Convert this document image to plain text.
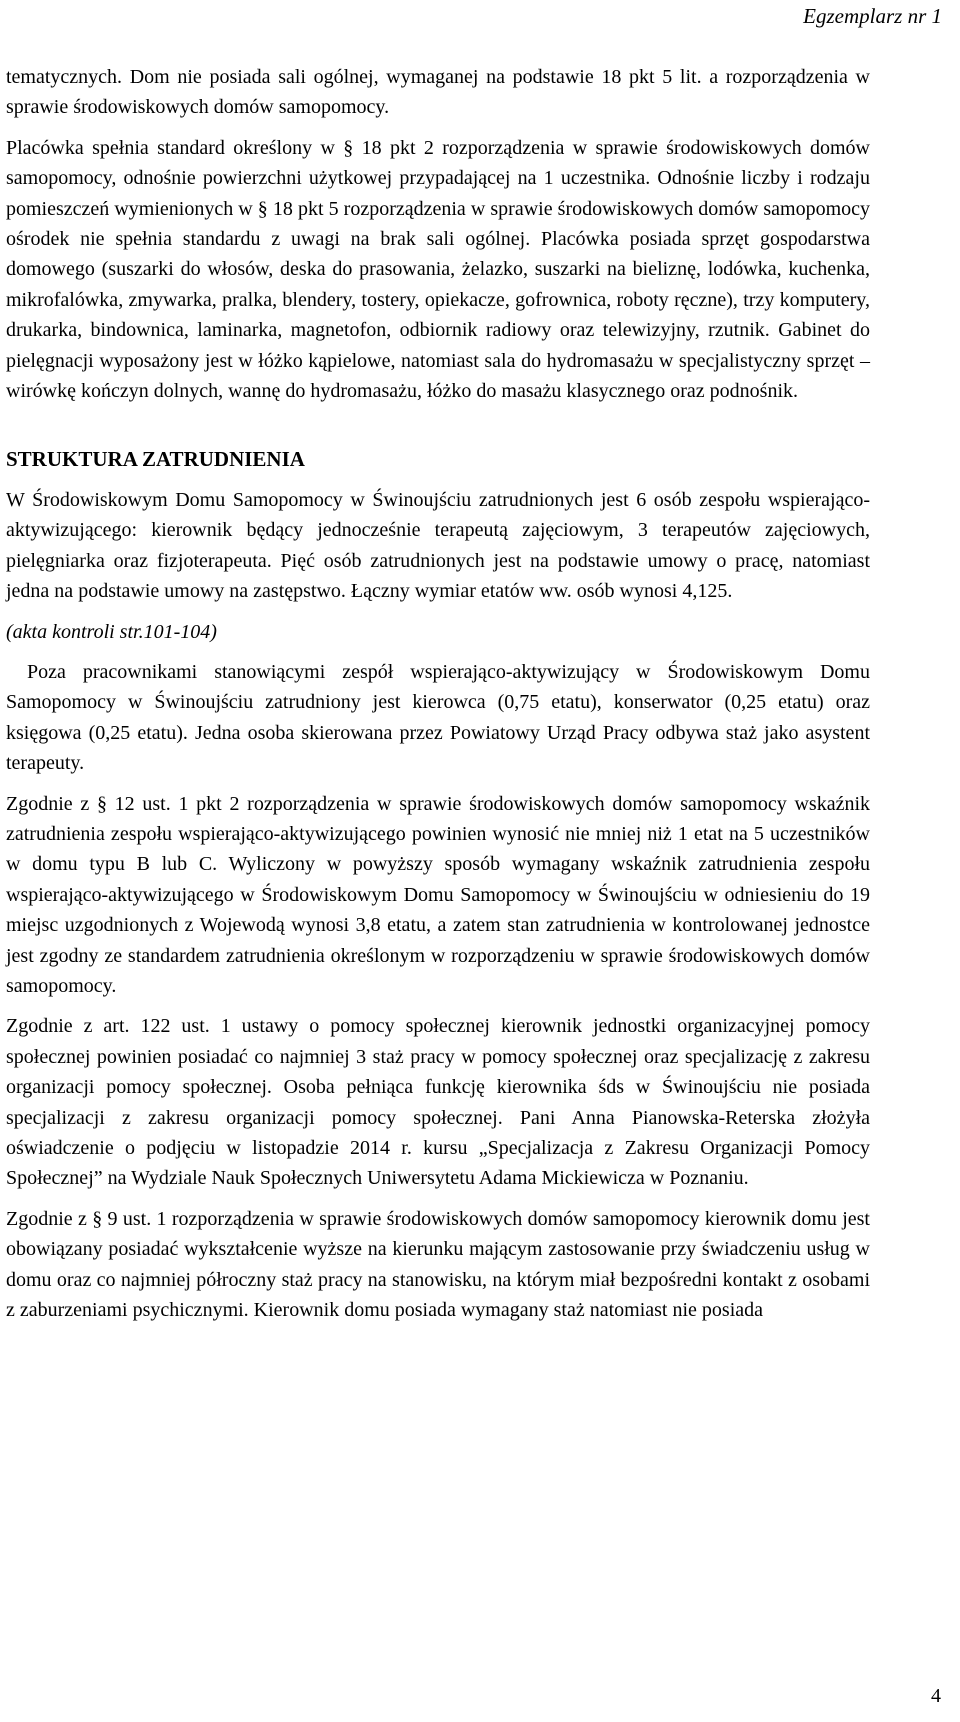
Egzemplarz nr 1

tematycznych. Dom nie posiada sali ogólnej, wymaganej na podstawie 18 pkt 5 lit. a rozporządzenia w sprawie środowiskowych domów samopomocy.

Placówka spełnia standard określony w § 18 pkt 2 rozporządzenia w sprawie środowiskowych domów samopomocy, odnośnie powierzchni użytkowej przypadającej na 1 uczestnika. Odnośnie liczby i rodzaju pomieszczeń wymienionych w § 18 pkt 5 rozporządzenia w sprawie środowiskowych domów samopomocy ośrodek nie spełnia standardu z uwagi na brak sali ogólnej. Placówka posiada sprzęt gospodarstwa domowego (suszarki do włosów, deska do prasowania, żelazko, suszarki na bieliznę, lodówka, kuchenka, mikrofalówka, zmywarka, pralka, blendery, tostery, opiekacze, gofrownica, roboty ręczne), trzy komputery, drukarka, bindownica, laminarka, magnetofon, odbiornik radiowy oraz telewizyjny, rzutnik. Gabinet do pielęgnacji wyposażony jest w łóżko kąpielowe, natomiast sala do hydromasażu w specjalistyczny sprzęt – wirówkę kończyn dolnych, wannę do hydromasażu, łóżko do masażu klasycznego oraz podnośnik.

STRUKTURA ZATRUDNIENIA

W Środowiskowym Domu Samopomocy w Świnoujściu zatrudnionych jest 6 osób zespołu wspierająco-aktywizującego: kierownik będący jednocześnie terapeutą zajęciowym, 3 terapeutów zajęciowych, pielęgniarka oraz fizjoterapeuta. Pięć osób zatrudnionych jest na podstawie umowy o pracę, natomiast jedna na podstawie umowy na zastępstwo. Łączny wymiar etatów ww. osób wynosi 4,125.

(akta kontroli str.101-104)

Poza pracownikami stanowiącymi zespół wspierająco-aktywizujący w Środowiskowym Domu Samopomocy w Świnoujściu zatrudniony jest kierowca (0,75 etatu), konserwator (0,25 etatu) oraz księgowa (0,25 etatu). Jedna osoba skierowana przez Powiatowy Urząd Pracy odbywa staż jako asystent terapeuty.

Zgodnie z § 12 ust. 1 pkt 2 rozporządzenia w sprawie środowiskowych domów samopomocy wskaźnik zatrudnienia zespołu wspierająco-aktywizującego powinien wynosić nie mniej niż 1 etat na 5 uczestników w domu typu B lub C. Wyliczony w powyższy sposób wymagany wskaźnik zatrudnienia zespołu wspierająco-aktywizującego w Środowiskowym Domu Samopomocy w Świnoujściu w odniesieniu do 19 miejsc uzgodnionych z Wojewodą wynosi 3,8 etatu, a zatem stan zatrudnienia w kontrolowanej jednostce jest zgodny ze standardem zatrudnienia określonym w rozporządzeniu w sprawie środowiskowych domów samopomocy.

Zgodnie z art. 122 ust. 1 ustawy o pomocy społecznej kierownik jednostki organizacyjnej pomocy społecznej powinien posiadać co najmniej 3 staż pracy w pomocy społecznej oraz specjalizację z zakresu organizacji pomocy społecznej. Osoba pełniąca funkcję kierownika śds w Świnoujściu nie posiada specjalizacji z zakresu organizacji pomocy społecznej. Pani Anna Pianowska-Reterska złożyła oświadczenie o podjęciu w listopadzie 2014 r. kursu „Specjalizacja z Zakresu Organizacji Pomocy Społecznej” na Wydziale Nauk Społecznych Uniwersytetu Adama Mickiewicza w Poznaniu.

Zgodnie z § 9 ust. 1 rozporządzenia w sprawie środowiskowych domów samopomocy kierownik domu jest obowiązany posiadać wykształcenie wyższe na kierunku mającym zastosowanie przy świadczeniu usług w domu oraz co najmniej półroczny staż pracy na stanowisku, na którym miał bezpośredni kontakt z osobami z zaburzeniami psychicznymi. Kierownik domu posiada wymagany staż natomiast nie posiada

4
